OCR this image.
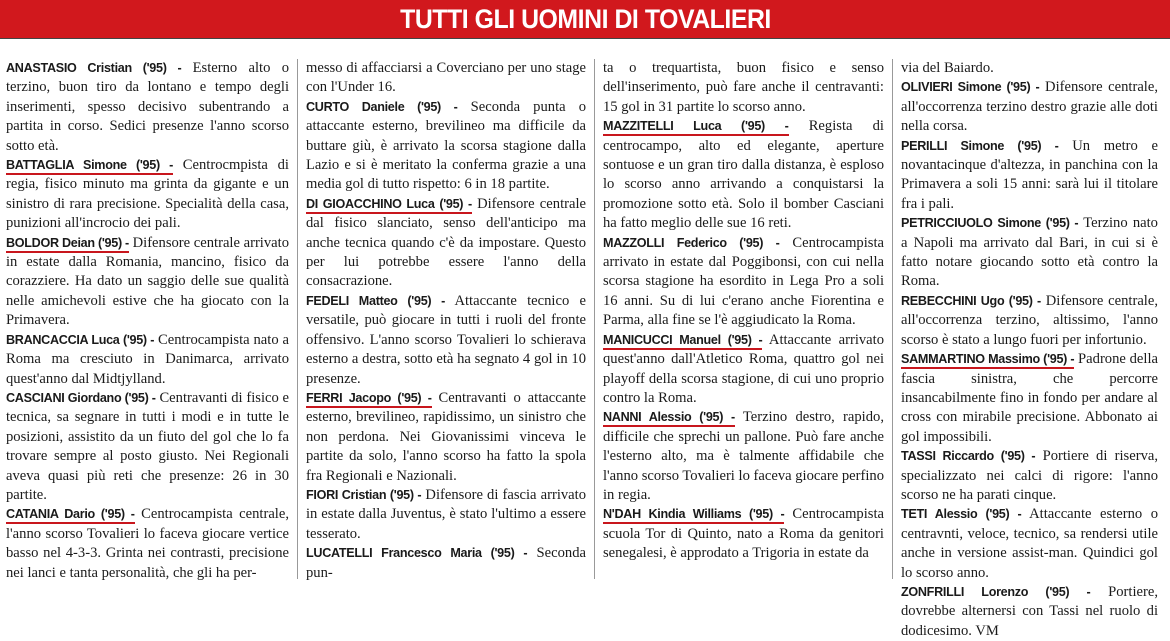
TUTTI GLI UOMINI DI TOVALIERI

ANASTASIO Cristian ('95) - Esterno alto o terzino, buon tiro da lontano e tempo degli inserimenti, spesso decisivo subentrando a partita in corso. Sedici presenze l'anno scorso sotto età.

BATTAGLIA Simone ('95) - Centrocmpista di regia, fisico minuto ma grinta da gigante e un sinistro di rara precisione. Specialità della casa, punizioni all'incrocio dei pali.

BOLDOR Deian ('95) - Difensore centrale arrivato in estate dalla Romania, mancino, fisico da corazziere. Ha dato un saggio delle sue qualità nelle amichevoli estive che ha giocato con la Primavera.

BRANCACCIA Luca ('95) - Centrocampista nato a Roma ma cresciuto in Danimarca, arrivato quest'anno dal Midtjylland.

CASCIANI Giordano ('95) - Centravanti di fisico e tecnica, sa segnare in tutti i modi e in tutte le posizioni, assistito da un fiuto del gol che lo fa trovare sempre al posto giusto. Nei Regionali aveva quasi più reti che presenze: 26 in 30 partite.

CATANIA Dario ('95) - Centrocampista centrale, l'anno scorso Tovalieri lo faceva giocare vertice basso nel 4-3-3. Grinta nei contrasti, precisione nei lanci e tanta personalità, che gli ha per-

messo di affacciarsi a Coverciano per uno stage con l'Under 16.

CURTO Daniele ('95) - Seconda punta o attaccante esterno, brevilineo ma difficile da buttare giù, è arrivato la scorsa stagione dalla Lazio e si è meritato la conferma grazie a una media gol di tutto rispetto: 6 in 18 partite.

DI GIOACCHINO Luca ('95) - Difensore centrale dal fisico slanciato, senso dell'anticipo ma anche tecnica quando c'è da impostare. Questo per lui potrebbe essere l'anno della consacrazione.

FEDELI Matteo ('95) - Attaccante tecnico e versatile, può giocare in tutti i ruoli del fronte offensivo. L'anno scorso Tovalieri lo schierava esterno a destra, sotto età ha segnato 4 gol in 10 presenze.

FERRI Jacopo ('95) - Centravanti o attaccante esterno, brevilineo, rapidissimo, un sinistro che non perdona. Nei Giovanissimi vinceva le partite da solo, l'anno scorso ha fatto la spola fra Regionali e Nazionali.

FIORI Cristian ('95) - Difensore di fascia arrivato in estate dalla Juventus, è stato l'ultimo a essere tesserato.

LUCATELLI Francesco Maria ('95) - Seconda pun-

ta o trequartista, buon fisico e senso dell'inserimento, può fare anche il centravanti: 15 gol in 31 partite lo scorso anno.

MAZZITELLI Luca ('95) - Regista di centrocampo, alto ed elegante, aperture sontuose e un gran tiro dalla distanza, è esploso lo scorso anno arrivando a conquistarsi la promozione sotto età. Solo il bomber Casciani ha fatto meglio delle sue 16 reti.

MAZZOLLI Federico ('95) - Centrocampista arrivato in estate dal Poggibonsi, con cui nella scorsa stagione ha esordito in Lega Pro a soli 16 anni. Su di lui c'erano anche Fiorentina e Parma, alla fine se l'è aggiudicato la Roma.

MANICUCCI Manuel ('95) - Attaccante arrivato quest'anno dall'Atletico Roma, quattro gol nei playoff della scorsa stagione, di cui uno proprio contro la Roma.

NANNI Alessio ('95) - Terzino destro, rapido, difficile che sprechi un pallone. Può fare anche l'esterno alto, ma è talmente affidabile che l'anno scorso Tovalieri lo faceva giocare perfino in regia.

N'DAH Kindia Williams ('95) - Centrocampista scuola Tor di Quinto, nato a Roma da genitori senegalesi, è approdato a Trigoria in estate da

via del Baiardo.

OLIVIERI Simone ('95) - Difensore centrale, all'occorrenza terzino destro grazie alle doti nella corsa.

PERILLI Simone ('95) - Un metro e novantacinque d'altezza, in panchina con la Primavera a soli 15 anni: sarà lui il titolare fra i pali.

PETRICCIUOLO Simone ('95) - Terzino nato a Napoli ma arrivato dal Bari, in cui si è fatto notare giocando sotto età contro la Roma.

REBECCHINI Ugo ('95) - Difensore centrale, all'occorrenza terzino, altissimo, l'anno scorso è stato a lungo fuori per infortunio.

SAMMARTINO Massimo ('95) - Padrone della fascia sinistra, che percorre insancabilmente fino in fondo per andare al cross con mirabile precisione. Abbonato ai gol impossibili.

TASSI Riccardo ('95) - Portiere di riserva, specializzato nei calci di rigore: l'anno scorso ne ha parati cinque.

TETI Alessio ('95) - Attaccante esterno o centravnti, veloce, tecnico, sa rendersi utile anche in versione assist-man. Quindici gol lo scorso anno.

ZONFRILLI Lorenzo ('95) - Portiere, dovrebbe alternersi con Tassi nel ruolo di dodicesimo. VM
